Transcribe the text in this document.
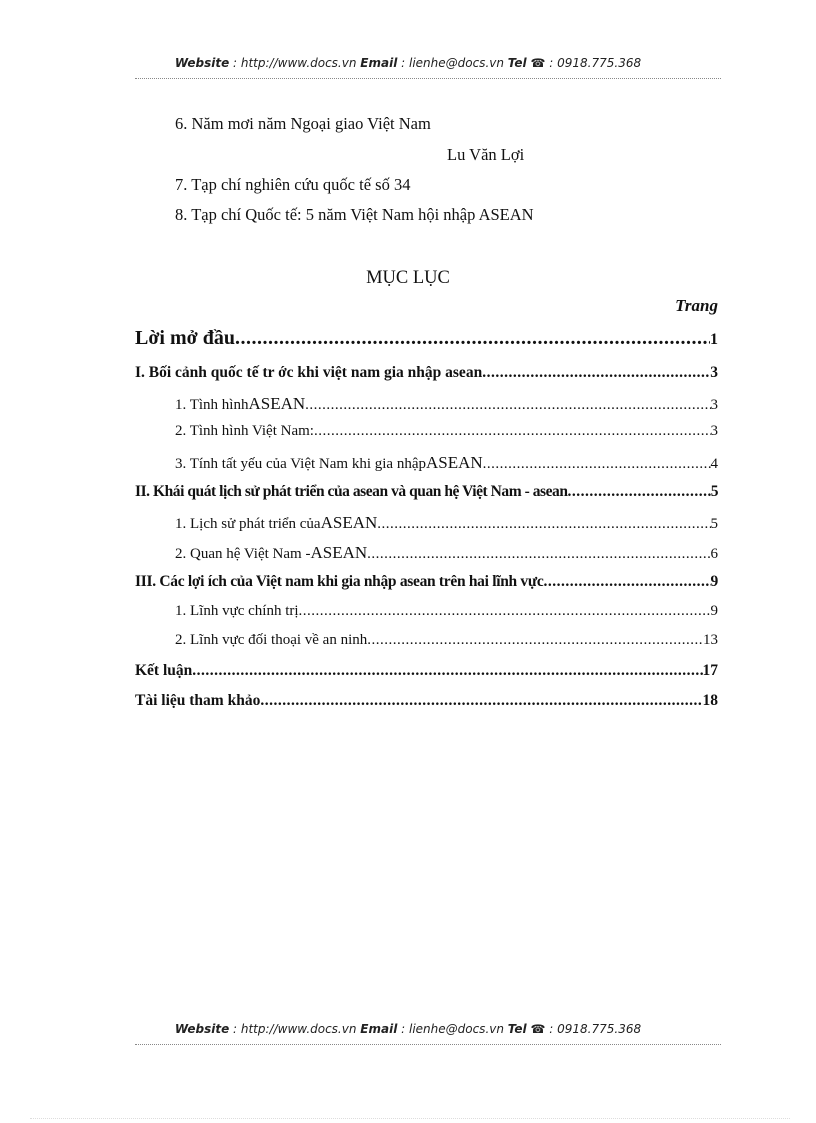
Website : http://www.docs.vn Email : lienhe@docs.vn Tel ☎ : 0918.775.368
6. Năm mơi năm Ngoại giao Việt Nam
Lu Văn Lợi
7. Tạp chí nghiên cứu quốc tế số 34
8. Tạp chí Quốc tế: 5 năm Việt Nam hội nhập ASEAN
MỤC LỤC
Trang
Lời mở đầu .....	1
I. Bối cảnh quốc tế tr ớc khi việt nam gia nhập asean .....	3
1. Tình hình ASEAN .....	3
2. Tình hình Việt Nam: .....	3
3. Tính tất yếu của Việt Nam khi gia nhập ASEAN .....	4
II. Khái quát lịch sử phát triển của asean và quan hệ Việt Nam - asean .....	5
1. Lịch sử phát triển của ASEAN .....	5
2. Quan hệ Việt Nam - ASEAN .....	6
III. Các lợi ích của Việt nam khi gia nhập asean trên hai lĩnh vực .....	9
1. Lĩnh vực chính trị .....	9
2. Lĩnh vực đối thoại về an ninh .....	13
Kết luận .....	17
Tài liệu tham khảo .....	18
Website : http://www.docs.vn Email : lienhe@docs.vn Tel ☎ : 0918.775.368
